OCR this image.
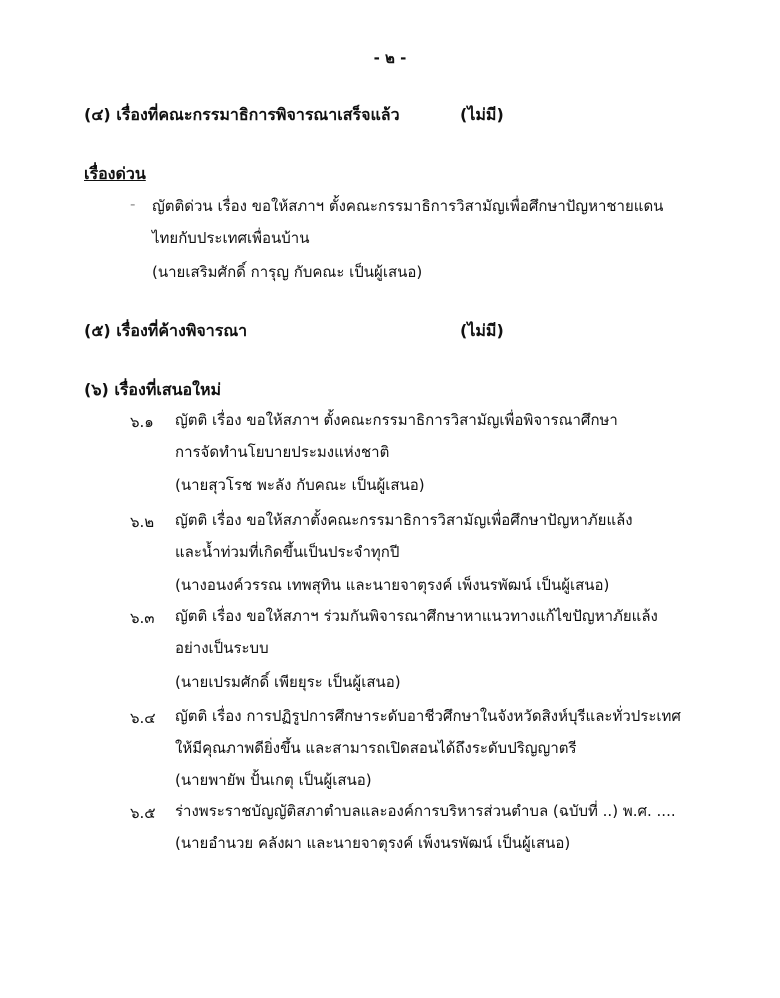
- ๒ -
(๔) เรื่องที่คณะกรรมาธิการพิจารณาเสร็จแล้ว	(ไม่มี)
เรื่องด่วน
- ญัตติด่วน เรื่อง ขอให้สภาฯ ตั้งคณะกรรมาธิการวิสามัญเพื่อศึกษาปัญหาชายแดน
ไทยกับประเทศเพื่อนบ้าน
(นายเสริมศักดิ์ การุญ กับคณะ เป็นผู้เสนอ)
(๕) เรื่องที่ค้างพิจารณา	(ไม่มี)
(๖) เรื่องที่เสนอใหม่
๖.๑ ญัตติ เรื่อง ขอให้สภาฯ ตั้งคณะกรรมาธิการวิสามัญเพื่อพิจารณาศึกษา
การจัดทำนโยบายประมงแห่งชาติ
(นายสุวโรช พะลัง กับคณะ เป็นผู้เสนอ)
๖.๒ ญัตติ เรื่อง ขอให้สภาตั้งคณะกรรมาธิการวิสามัญเพื่อศึกษาปัญหาภัยแล้ง
และน้ำท่วมที่เกิดขึ้นเป็นประจำทุกปี
(นางอนงค์วรรณ เทพสุทิน และนายจาตุรงค์ เพ็งนรพัฒน์ เป็นผู้เสนอ)
๖.๓ ญัตติ เรื่อง ขอให้สภาฯ ร่วมกันพิจารณาศึกษาหาแนวทางแก้ไขปัญหาภัยแล้ง
อย่างเป็นระบบ
(นายเปรมศักดิ์ เพียยุระ เป็นผู้เสนอ)
๖.๔ ญัตติ เรื่อง การปฏิรูปการศึกษาระดับอาชีวศึกษาในจังหวัดสิงห์บุรีและทั่วประเทศ
ให้มีคุณภาพดียิ่งขึ้น และสามารถเปิดสอนได้ถึงระดับปริญญาตรี
(นายพายัพ ปั้นเกตุ เป็นผู้เสนอ)
๖.๕ ร่างพระราชบัญญัติสภาตำบลและองค์การบริหารส่วนตำบล (ฉบับที่ ..) พ.ศ. ....
(นายอำนวย คลังผา และนายจาตุรงค์ เพ็งนรพัฒน์ เป็นผู้เสนอ)
